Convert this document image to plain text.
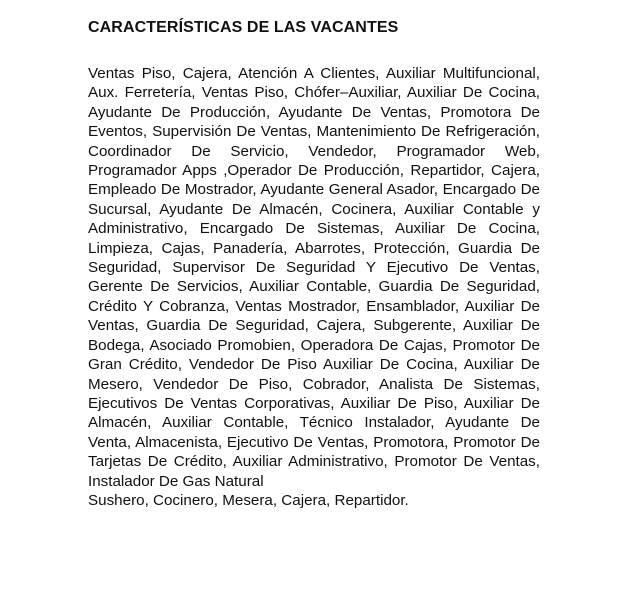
CARACTERÍSTICAS DE LAS VACANTES

Ventas Piso, Cajera, Atención A Clientes, Auxiliar Multifuncional, Aux. Ferretería, Ventas Piso, Chófer–Auxiliar, Auxiliar De Cocina, Ayudante De Producción, Ayudante De Ventas, Promotora De Eventos, Supervisión De Ventas, Mantenimiento De Refrigeración, Coordinador De Servicio, Vendedor, Programador Web, Programador Apps ,Operador De Producción, Repartidor, Cajera, Empleado De Mostrador, Ayudante General Asador, Encargado De Sucursal, Ayudante De Almacén, Cocinera, Auxiliar Contable y Administrativo, Encargado De Sistemas, Auxiliar De Cocina, Limpieza, Cajas, Panadería, Abarrotes, Protección, Guardia De Seguridad, Supervisor De Seguridad Y Ejecutivo De Ventas, Gerente De Servicios, Auxiliar Contable, Guardia De Seguridad, Crédito Y Cobranza, Ventas Mostrador, Ensamblador, Auxiliar De Ventas, Guardia De Seguridad, Cajera, Subgerente, Auxiliar De Bodega, Asociado Promobien, Operadora De Cajas, Promotor De Gran Crédito, Vendedor De Piso Auxiliar De Cocina, Auxiliar De Mesero, Vendedor De Piso, Cobrador, Analista De Sistemas, Ejecutivos De Ventas Corporativas, Auxiliar De Piso, Auxiliar De Almacén, Auxiliar Contable, Técnico Instalador, Ayudante De Venta, Almacenista, Ejecutivo De Ventas, Promotora, Promotor De Tarjetas De Crédito, Auxiliar Administrativo, Promotor De Ventas, Instalador De Gas Natural

Sushero, Cocinero, Mesera, Cajera, Repartidor.
